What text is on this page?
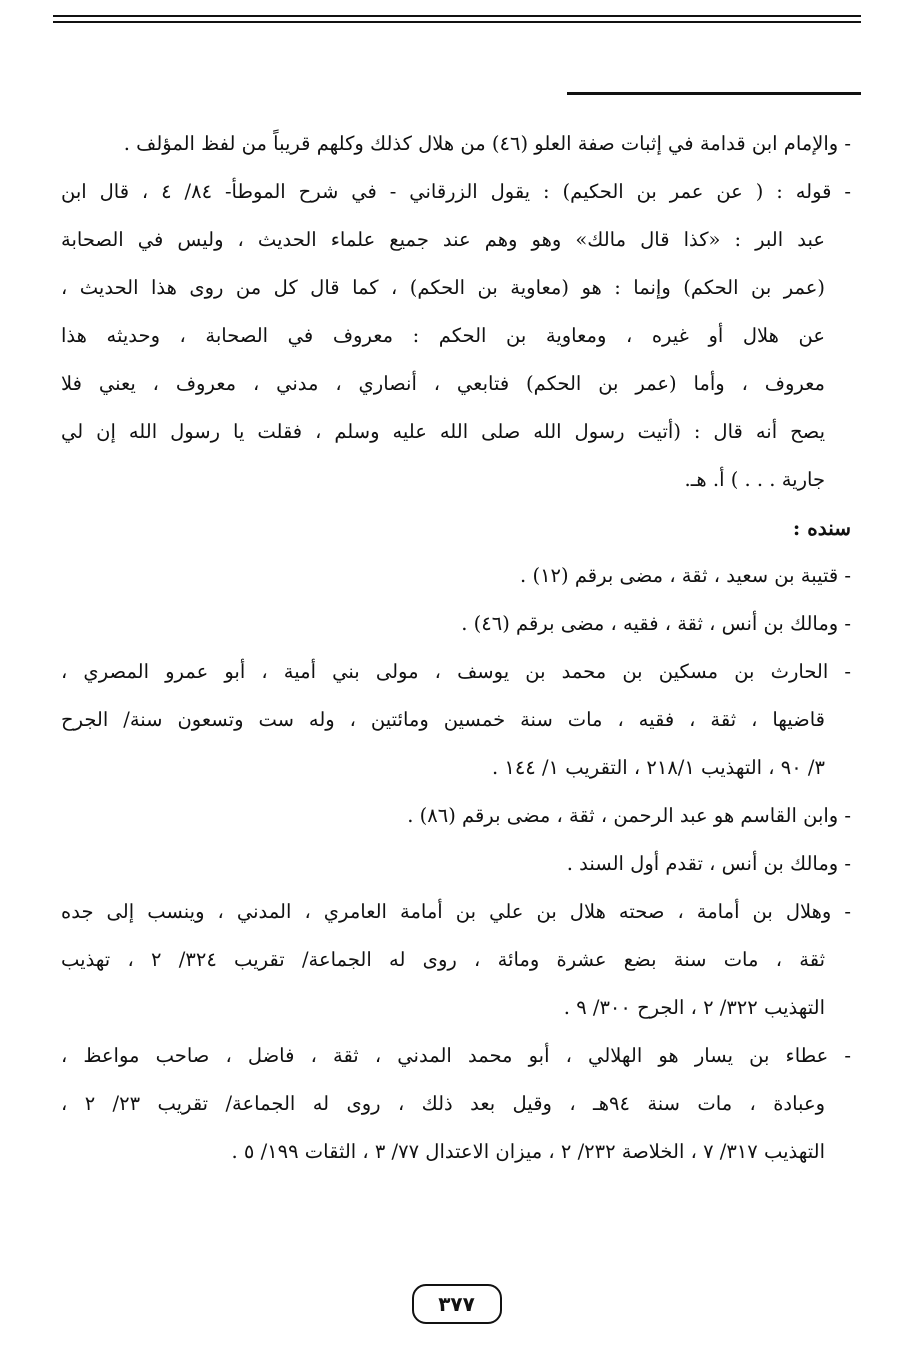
- والإمام ابن قدامة في إثبات صفة العلو (٤٦) من هلال كذلك وكلهم قريباً من لفظ المؤلف .
- قوله : ( عن عمر بن الحكيم) : يقول الزرقاني - في شرح الموطأ- ٨٤/ ٤ ، قال ابن
عبد البر : «كذا قال مالك» وهو وهم عند جميع علماء الحديث ، وليس في الصحابة
(عمر بن الحكم) وإنما : هو (معاوية بن الحكم) ، كما قال كل من روى هذا الحديث ،
عن هلال أو غيره ، ومعاوية بن الحكم : معروف في الصحابة ، وحديثه هذا
معروف ، وأما (عمر بن الحكم) فتابعي ، أنصاري ، مدني ، معروف ، يعني فلا
يصح أنه قال : (أتيت رسول الله صلى الله عليه وسلم ، فقلت يا رسول الله إن لي
جارية . . . ) أ. هـ.
سنده :
- قتيبة بن سعيد ، ثقة ، مضى برقم (١٢) .
- ومالك بن أنس ، ثقة ، فقيه ، مضى برقم (٤٦) .
- الحارث بن مسكين بن محمد بن يوسف ، مولى بني أمية ، أبو عمرو المصري ،
قاضيها ، ثقة ، فقيه ، مات سنة خمسين ومائتين ، وله ست وتسعون سنة/ الجرح
٣/ ٩٠ ، التهذيب ٢١٨/١ ، التقريب ١/ ١٤٤ .
- وابن القاسم هو عبد الرحمن ، ثقة ، مضى برقم (٨٦) .
- ومالك بن أنس ، تقدم أول السند .
- وهلال بن أمامة ، صحته هلال بن علي بن أمامة العامري ، المدني ، وينسب إلى جده
ثقة ، مات سنة بضع عشرة ومائة ، روى له الجماعة/ تقريب ٣٢٤/ ٢ ، تهذيب
التهذيب ٣٢٢/ ٢ ، الجرح ٣٠٠/ ٩ .
- عطاء بن يسار هو الهلالي ، أبو محمد المدني ، ثقة ، فاضل ، صاحب مواعظ ،
وعبادة ، مات سنة ٩٤هـ ، وقيل بعد ذلك ، روى له الجماعة/ تقريب ٢٣/ ٢ ،
التهذيب ٣١٧/ ٧ ، الخلاصة ٢٣٢/ ٢ ، ميزان الاعتدال ٧٧/ ٣ ، الثقات ١٩٩/ ٥ .
٣٧٧
